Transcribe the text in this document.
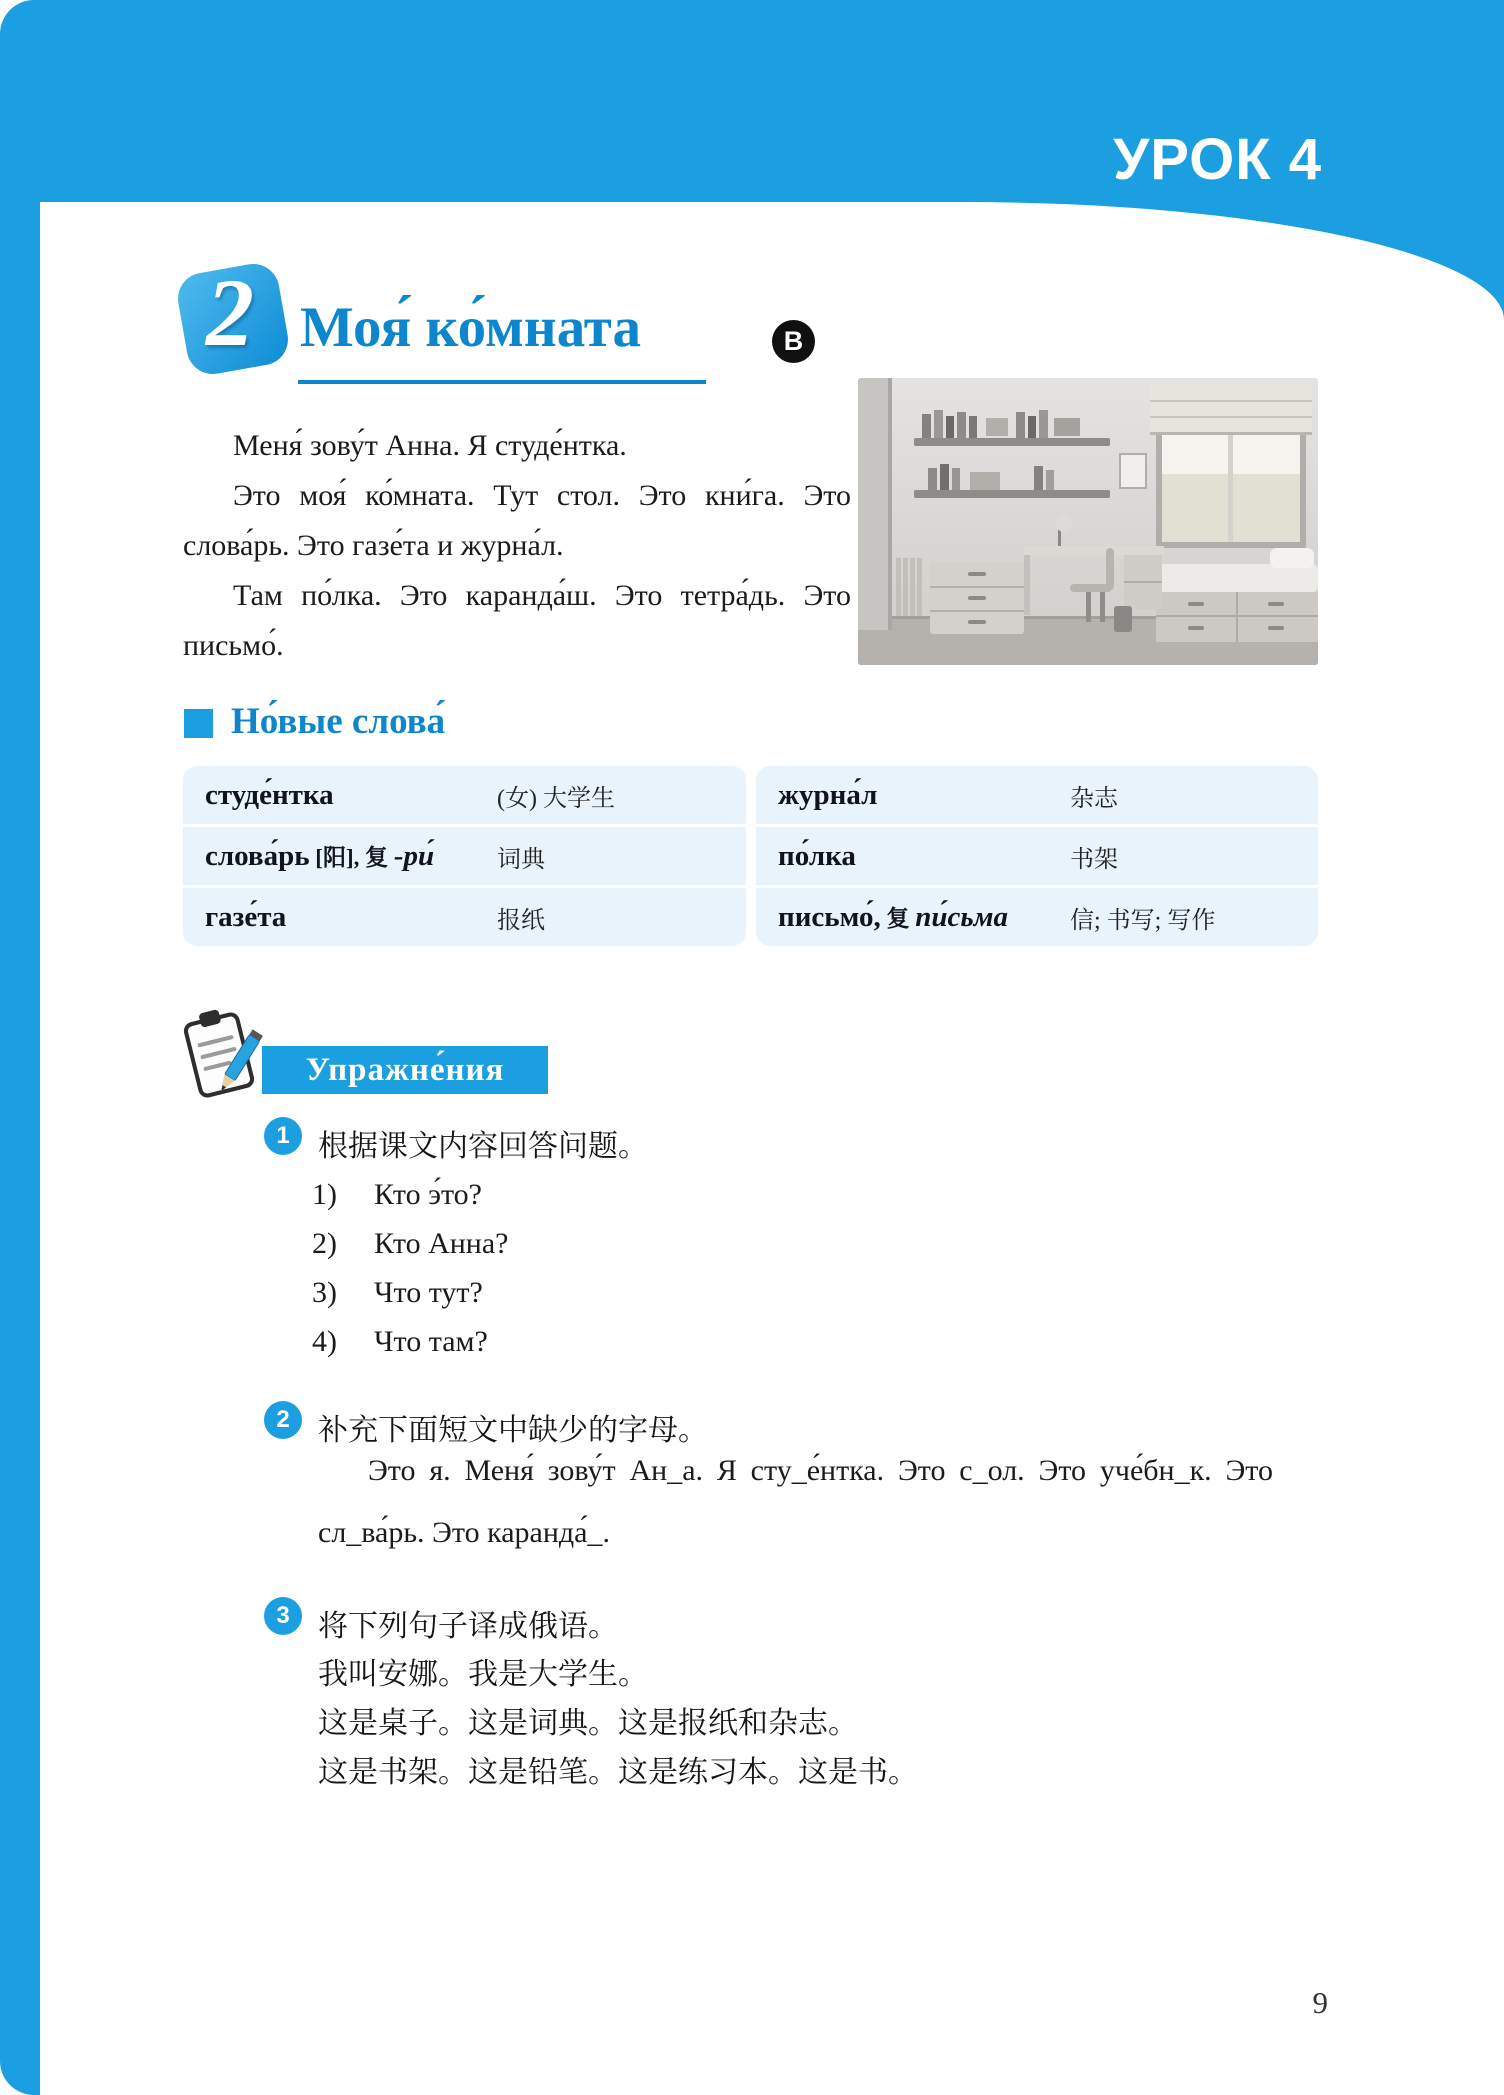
УРОК 4
2 Моя́ ко́мната	B

Меня́ зову́т Анна. Я студе́нтка.

Это моя́ ко́мната. Тут стол. Это кни́га. Это слова́рь. Это газе́та и журна́л.

Там по́лка. Это каранда́ш. Это тетра́дь. Это письмо́.

Но́вые слова́
студе́нтка	(女) 大学生
слова́рь [阳], 复 -ри́	词典
газе́та	报纸
журна́л	杂志
по́лка	书架
письмо́, 复 пи́сьма	信; 书写; 写作
Упражне́ния
1 根据课文内容回答问题。
1)	Кто э́то?
2)	Кто Анна?
3)	Что тут?
4)	Что там?
2 补充下面短文中缺少的字母。

Это я. Меня́ зову́т Ан_а. Я сту_е́нтка. Это с_ол. Это уче́бн_к. Это сл_ва́рь. Это каранда́_.

3 将下列句子译成俄语。
我叫安娜。我是大学生。
这是桌子。这是词典。这是报纸和杂志。
这是书架。这是铅笔。这是练习本。这是书。
9
